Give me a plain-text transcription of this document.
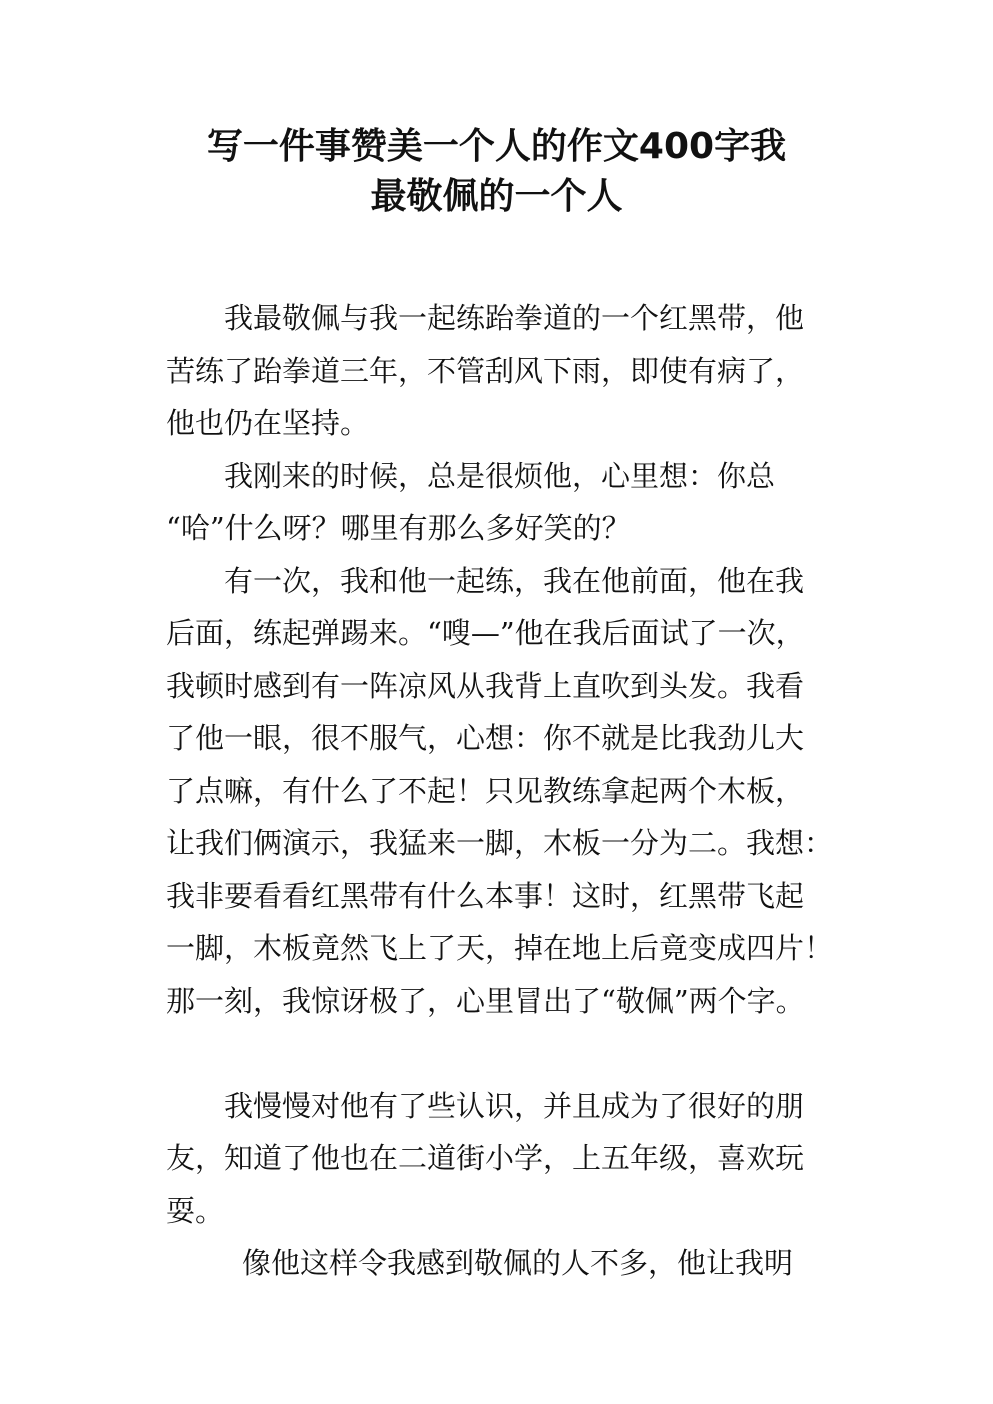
写一件事赞美一个人的作文400字我
最敬佩的一个人

我最敬佩与我一起练跆拳道的一个红黑带，他
苦练了跆拳道三年，不管刮风下雨，即使有病了，
他也仍在坚持。

我刚来的时候，总是很烦他，心里想：你总
“哈”什么呀？哪里有那么多好笑的？

有一次，我和他一起练，我在他前面，他在我
后面，练起弹踢来。“嗖—”他在我后面试了一次，
我顿时感到有一阵凉风从我背上直吹到头发。我看
了他一眼，很不服气，心想：你不就是比我劲儿大
了点嘛，有什么了不起！只见教练拿起两个木板，
让我们俩演示，我猛来一脚，木板一分为二。我想：
我非要看看红黑带有什么本事！这时，红黑带飞起
一脚，木板竟然飞上了天，掉在地上后竟变成四片！
那一刻，我惊讶极了，心里冒出了“敬佩”两个字。

我慢慢对他有了些认识，并且成为了很好的朋
友，知道了他也在二道街小学，上五年级，喜欢玩
耍。

像他这样令我感到敬佩的人不多，他让我明
